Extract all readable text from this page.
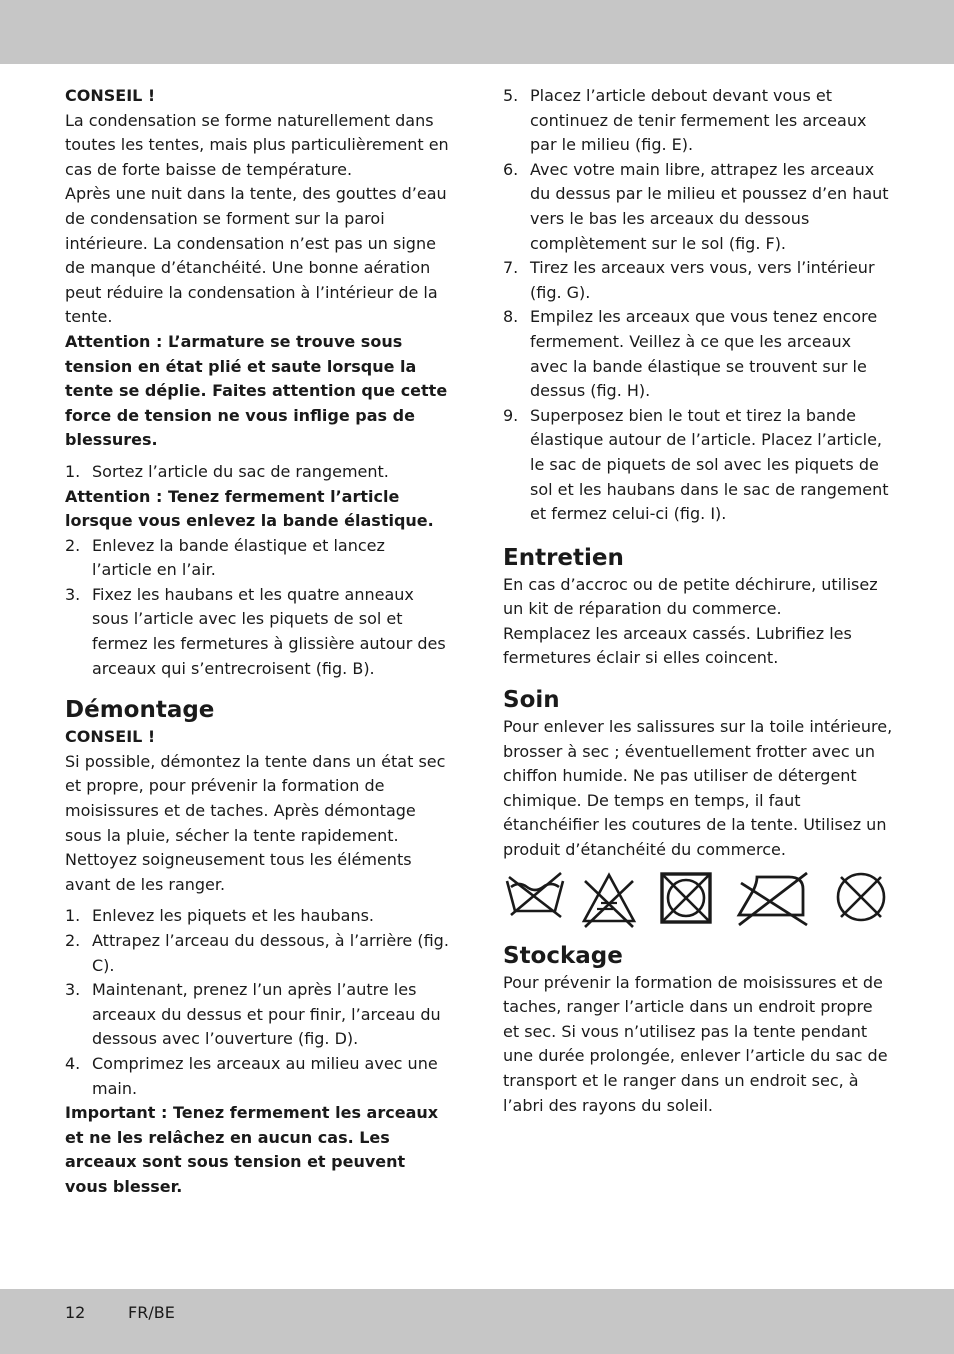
CONSEIL !

La condensation se forme naturellement dans toutes les tentes, mais plus particulièrement en cas de forte baisse de température.

Après une nuit dans la tente, des gouttes d’eau de condensation se forment sur la paroi intérieure. La condensation n’est pas un signe de manque d’étanchéité. Une bonne aération peut réduire la condensation à l’intérieur de la tente.

Attention : L’armature se trouve sous tension en état plié et saute lorsque la tente se déplie. Faites attention que cette force de tension ne vous inflige pas de blessures.

1. Sortez l’article du sac de rangement.

Attention : Tenez fermement l’article lorsque vous enlevez la bande élastique.

2. Enlevez la bande élastique et lancez l’article en l’air.
3. Fixez les haubans et les quatre anneaux sous l’article avec les piquets de sol et fermez les fermetures à glissière autour des arceaux qui s’entrecroisent (fig. B).
Démontage

CONSEIL !

Si possible, démontez la tente dans un état sec et propre, pour prévenir la formation de moisissures et de taches. Après démontage sous la pluie, sécher la tente rapidement.

Nettoyez soigneusement tous les éléments avant de les ranger.

1. Enlevez les piquets et les haubans.
2. Attrapez l’arceau du dessous, à l’arrière (fig. C).
3. Maintenant, prenez l’un après l’autre les arceaux du dessus et pour finir, l’arceau du dessous avec l’ouverture (fig. D).
4. Comprimez les arceaux au milieu avec une main.

Important : Tenez fermement les arceaux et ne les relâchez en aucun cas. Les arceaux sont sous tension et peuvent vous blesser.

5. Placez l’article debout devant vous et continuez de tenir fermement les arceaux par le milieu (fig. E).
6. Avec votre main libre, attrapez les arceaux du dessus par le milieu et poussez d’en haut vers le bas les arceaux du dessous complètement sur le sol (fig. F).
7. Tirez les arceaux vers vous, vers l’intérieur (fig. G).
8. Empilez les arceaux que vous tenez encore fermement. Veillez à ce que les arceaux avec la bande élastique se trouvent sur le dessus (fig. H).
9. Superposez bien le tout et tirez la bande élastique autour de l’article. Placez l’article, le sac de piquets de sol avec les piquets de sol et les haubans dans le sac de rangement et fermez celui-ci (fig. I).
Entretien

En cas d’accroc ou de petite déchirure, utilisez un kit de réparation du commerce.

Remplacez les arceaux cassés. Lubrifiez les fermetures éclair si elles coincent.

Soin

Pour enlever les salissures sur la toile intérieure, brosser à sec ; éventuellement frotter avec un chiffon humide. Ne pas utiliser de détergent chimique. De temps en temps, il faut étanchéifier les coutures de la tente. Utilisez un produit d’étanchéité du commerce.

Stockage

Pour prévenir la formation de moisissures et de taches, ranger l’article dans un endroit propre et sec. Si vous n’utilisez pas la tente pendant une durée prolongée, enlever l’article du sac de transport et le ranger dans un endroit sec, à l’abri des rayons du soleil.

12	FR/BE
